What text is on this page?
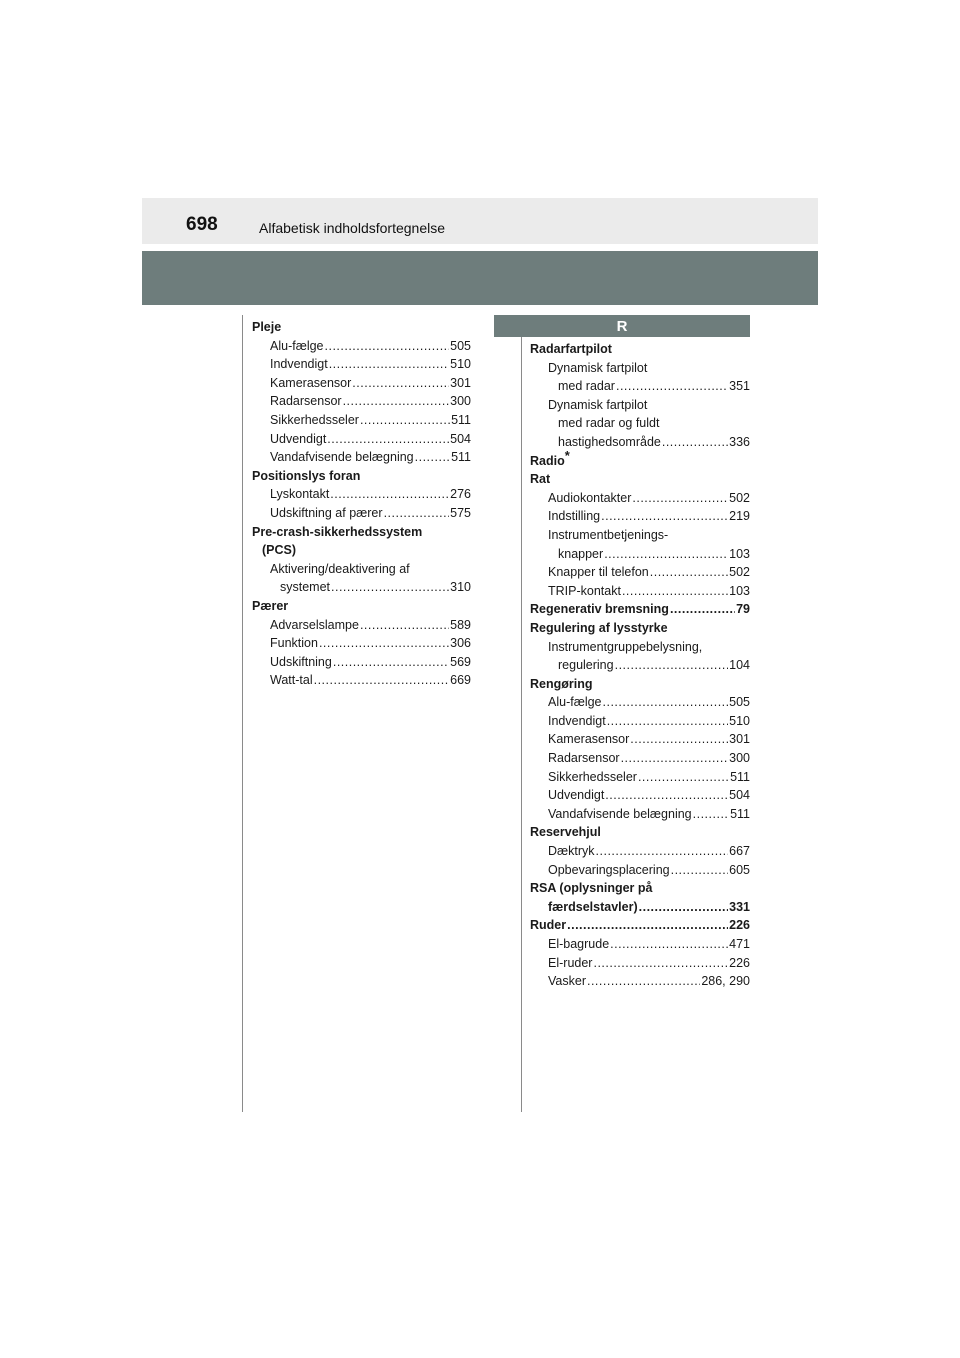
698	Alfabetisk indholdsfortegnelse
R
Pleje
Alu-fælge .....	505
Indvendigt .....	510
Kamerasensor .....	301
Radarsensor .....	300
Sikkerhedsseler .....	511
Udvendigt .....	504
Vandafvisende belægning .....	511
Positionslys foran
Lyskontakt .....	276
Udskiftning af pærer .....	575
Pre-crash-sikkerhedssystem
(PCS)
Aktivering/deaktivering af
systemet .....	310
Pærer
Advarselslampe .....	589
Funktion .....	306
Udskiftning .....	569
Watt-tal .....	669
Radarfartpilot
Dynamisk fartpilot
med radar .....	351
Dynamisk fartpilot
med radar og fuldt
hastighedsområde .....	336
Radio*
Rat
Audiokontakter .....	502
Indstilling .....	219
Instrumentbetjenings-
knapper .....	103
Knapper til telefon .....	502
TRIP-kontakt .....	103
Regenerativ bremsning .....	79
Regulering af lysstyrke
Instrumentgruppebelysning,
regulering .....	104
Rengøring
Alu-fælge .....	505
Indvendigt .....	510
Kamerasensor .....	301
Radarsensor .....	300
Sikkerhedsseler .....	511
Udvendigt .....	504
Vandafvisende belægning .....	511
Reservehjul
Dæktryk .....	667
Opbevaringsplacering .....	605
RSA (oplysninger på
færdselstavler) .....	331
Ruder .....	226
El-bagrude .....	471
El-ruder .....	226
Vasker .....	286, 290
